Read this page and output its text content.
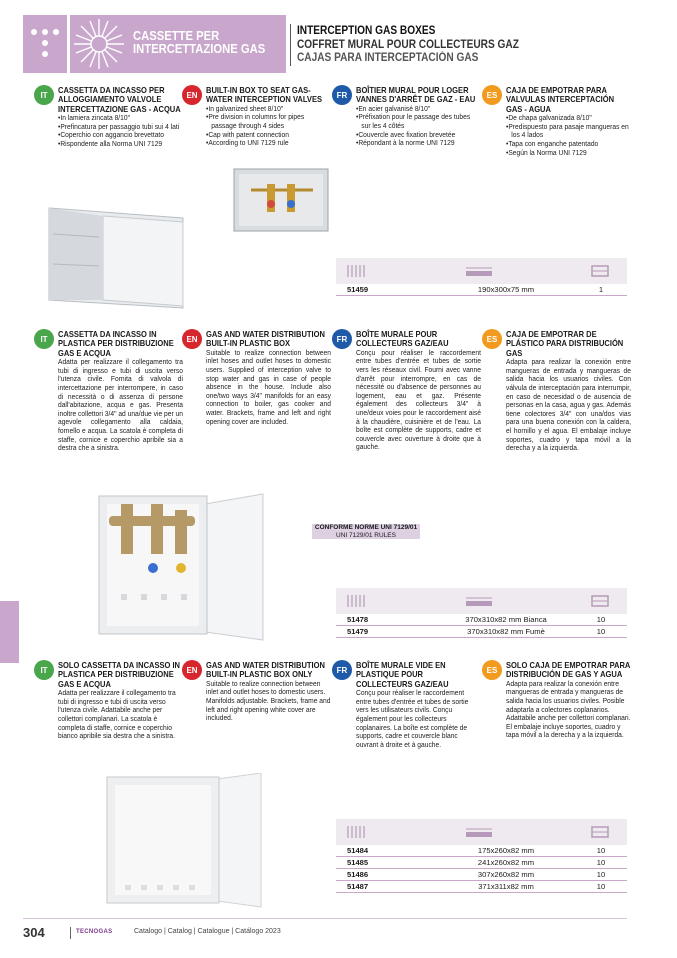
CASSETTE PER INTERCETTAZIONE GAS
INTERCEPTION GAS BOXES
COFFRET MURAL POUR COLLECTEURS GAZ
CAJAS PARA INTERCEPTACIÓN GAS
IT	CASSETTA DA INCASSO PER ALLOGGIAMENTO VALVOLE INTERCETTAZIONE GAS - ACQUA
• In lamiera zincata 8/10"
• Prefincatura per passaggio tubi sui 4 lati
• Coperchio con aggancio brevettato
• Rispondente alla Norma UNI 7129
EN	BUILT-IN BOX TO SEAT GAS-WATER INTERCEPTION VALVES
• In galvanized sheet 8/10"
• Pre division in columns for pipes passage through 4 sides
• Cap with patent connection
• According to UNI 7129 rule
FR	BOÎTIER MURAL POUR LOGER VANNES D'ARRÊT DE GAZ - EAU
• En acier galvanisé 8/10"
• Préfixation pour le passage des tubes sur les 4 côtés
• Couvercle avec fixation brevetée
• Répondant à la norme UNI 7129
ES	CAJA DE EMPOTRAR PARA VALVULAS INTERCEPTACIÓN GAS - AGUA
• De chapa galvanizada 8/10"
• Predispuesto para pasaje mangueras en los 4 lados
• Tapa con enganche patentado
• Según la Norma UNI 7129
51459	190x300x75 mm	1
IT	CASSETTA DA INCASSO IN PLASTICA PER DISTRIBUZIONE GAS E ACQUA
Adatta per realizzare il collegamento tra tubi di ingresso e tubi di uscita verso l'utenza civile. Fornita di valvola di intercettazione per interrompere, in caso di necessità o di assenza di persone dall'abitazione, acqua e gas. Presenta inoltre collettori 3/4" ad una/due vie per un agevole collegamento alla caldaia, fornello e acqua. La scatola è completa di staffe, cornice e coperchio apribile sia a destra che a sinistra.
EN	GAS AND WATER DISTRIBUTION BUILT-IN PLASTIC BOX
Suitable to realize connection between inlet hoses and outlet hoses to domestic users. Supplied of interception valve to stop water and gas in case of people absence in the house. Include also one/two ways 3/4" manifolds for an easy connection to boiler, gas cooker and water. Brackets, frame and left and right opening cover are included.
FR	BOÎTE MURALE POUR COLLECTEURS GAZ/EAU
Conçu pour réaliser le raccordement entre tubes d'entrée et tubes de sortie vers les réseaux civil. Fourni avec vanne d'arrêt pour interrompre, en cas de nécessité ou d'absence de personnes au logement, eau et gaz. Présente également des collecteurs 3/4" à une/deux voies pour le raccordement aisé à la chaudière, cuisinière et de l'eau. La boîte est complète de supports, cadre et couvercle avec ouverture à droite que à gauche.
ES	CAJA DE EMPOTRAR DE PLÁSTICO PARA DISTRIBUCIÓN GAS
Adapta para realizar la conexión entre mangueras de entrada y mangueras de salida hacia los usuarios civiles. Con válvula de interceptación para interrumpir, en caso de necesidad o de ausencia de personas en la casa, agua y gas. Además tiene colectores 3/4" con una/dos vias para una buena conexión con la caldera, el hornillo y el agua. El embalaje incluye soportes, cuadro y tapa móvil a la derecha y a la izquierda.
CONFORME NORME UNI 7129/01
UNI 7129/01 RULES
51478	370x310x82 mm Bianca	10
51479	370x310x82 mm Fumè	10
IT	SOLO CASSETTA DA INCASSO IN PLASTICA PER DISTRIBUZIONE GAS E ACQUA
Adatta per realizzare il collegamento tra tubi di ingresso e tubi di uscita verso l'utenza civile. Adattabile anche per collettori complanari. La scatola è completa di staffe, cornice e coperchio bianco apribile sia destra che a sinistra.
EN	GAS AND WATER DISTRIBUTION BUILT-IN PLASTIC BOX ONLY
Suitable to realize connection between inlet and outlet hoses to domestic users. Manifolds adjustable. Brackets, frame and left and right opening white cover are included.
FR	BOÎTE MURALE VIDE EN PLASTIQUE POUR COLLECTEURS GAZ/EAU
Conçu pour réaliser le raccordement entre tubes d'entrée et tubes de sortie vers les utilisateurs civils. Conçu également pour les collecteurs coplanaires. La boîte est complète de supports, cadre et couvercle blanc ouvrant à droite et à gauche.
ES	SOLO CAJA DE EMPOTRAR PARA DISTRIBUCIÓN DE GAS Y AGUA
Adapta para realizar la conexión entre mangueras de entrada y mangueras de salida hacia los usuarios civiles. Posible adaptarla a colectores coplanarios. Adattabile anche per collettori complanari. El embalaje incluye soportes, cuadro y tapa móvil a la derecha y a la izquierda.
51484	175x260x82 mm	10
51485	241x260x82 mm	10
51486	307x260x82 mm	10
51487	371x311x82 mm	10
304	TECNOGAS	Catalogo | Catalog | Catalogue | Catálogo 2023
